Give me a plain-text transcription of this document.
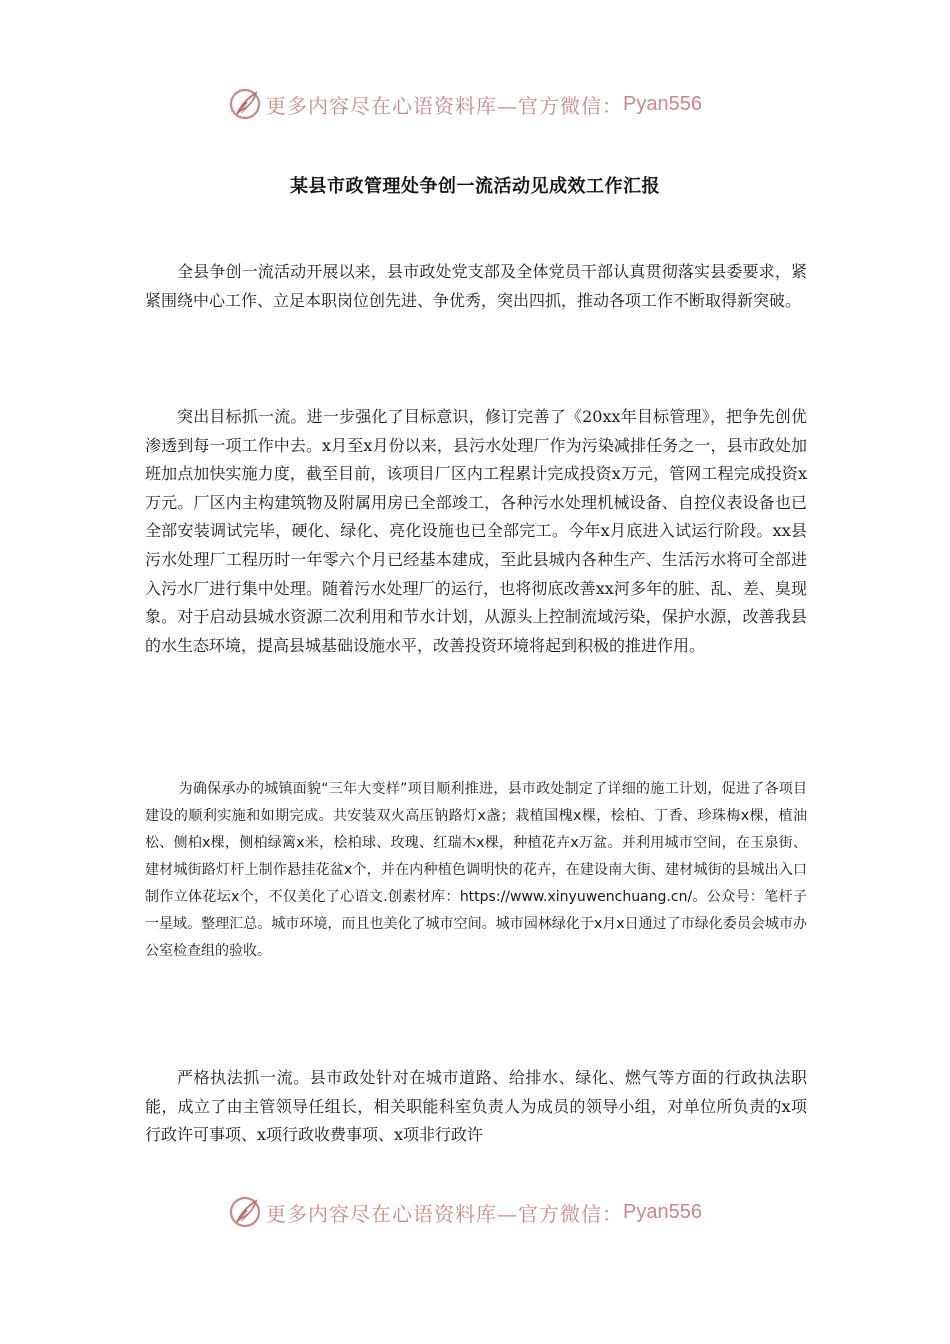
更多内容尽在心语资料库—官方微信： Pyan556
某县市政管理处争创一流活动见成效工作汇报

全县争创一流活动开展以来，县市政处党支部及全体党员干部认真贯彻落实县委要求，紧紧围绕中心工作、立足本职岗位创先进、争优秀，突出四抓，推动各项工作不断取得新突破。

突出目标抓一流。进一步强化了目标意识，修订完善了《20xx年目标管理》，把争先创优渗透到每一项工作中去。x月至x月份以来，县污水处理厂作为污染减排任务之一，县市政处加班加点加快实施力度，截至目前，该项目厂区内工程累计完成投资x万元，管网工程完成投资x万元。厂区内主构建筑物及附属用房已全部竣工，各种污水处理机械设备、自控仪表设备也已全部安装调试完毕，硬化、绿化、亮化设施也已全部完工。今年x月底进入试运行阶段。xx县污水处理厂工程历时一年零六个月已经基本建成，至此县城内各种生产、生活污水将可全部进入污水厂进行集中处理。随着污水处理厂的运行，也将彻底改善xx河多年的脏、乱、差、臭现象。对于启动县城水资源二次利用和节水计划，从源头上控制流域污染，保护水源，改善我县的水生态环境，提高县城基础设施水平，改善投资环境将起到积极的推进作用。

为确保承办的城镇面貌“三年大变样”项目顺利推进，县市政处制定了详细的施工计划，促进了各项目建设的顺利实施和如期完成。共安装双火高压钠路灯x盏；栽植国槐x棵，桧柏、丁香、珍珠梅x棵，植油松、侧柏x棵，侧柏绿篱x米，桧柏球、玫瑰、红瑞木x棵，种植花卉x万盆。并利用城市空间，在玉泉街、建材城街路灯杆上制作悬挂花盆x个，并在内种植色调明快的花卉，在建设南大街、建材城街的县城出入口制作立体花坛x个，不仅美化了心语文.创素材库：https://www.xinyuwenchuang.cn/。公众号：笔杆子一星域。整理汇总。城市环境，而且也美化了城市空间。城市园林绿化于x月x日通过了市绿化委员会城市办公室检查组的验收。

严格执法抓一流。县市政处针对在城市道路、给排水、绿化、燃气等方面的行政执法职能，成立了由主管领导任组长，相关职能科室负责人为成员的领导小组，对单位所负责的x项行政许可事项、x项行政收费事项、x项非行政许

更多内容尽在心语资料库—官方微信： Pyan556
